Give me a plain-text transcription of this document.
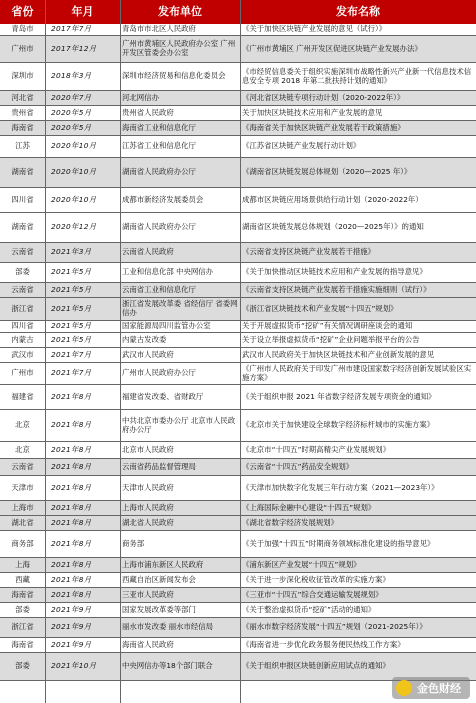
省份	年月	发布单位	发布名称
青岛市	2017年7月	青岛市市北区人民政府	《关于加快区块链产业发展的意见（试行）》
广州市	2017年12月	广州市黄埔区人民政府办公室 广州开发区管委会办公室	《广州市黄埔区 广州开发区促进区块链产业发展办法》
深圳市	2018年3月	深圳市经济贸易和信息化委员会	《市经贸信息委关于组织实施深圳市战略性新兴产业新一代信息技术信息安全专项 2018 年第二批扶持计划的通知》
河北省	2020年7月	河北网信办	《河北省区块链专项行动计划（2020-2022年）》
贵州省	2020年5月	贵州省人民政府	关于加快区块链技术应用和产业发展的意见
海南省	2020年5月	海南省工业和信息化厅	《海南省关于加快区块链产业发展若干政策措施》
江苏	2020年10月	江苏省工业和信息化厅	《江苏省区块链产业发展行动计划》
湖南省	2020年10月	湖南省人民政府办公厅	《湖南省区块链发展总体规划（2020—2025 年）》
四川省	2020年10月	成都市新经济发展委员会	成都市区块链应用场景供给行动计划（2020-2022年）
湖南省	2020年12月	湖南省人民政府办公厅	湖南省区块链发展总体规划（2020—2025年）》的通知
云南省	2021年3月	云南省人民政府	《云南省支持区块链产业发展若干措施》
部委	2021年5月	工业和信息化部 中央网信办	《关于加快推动区块链技术应用和产业发展的指导意见》
云南省	2021年5月	云南省工业和信息化厅	《云南省支持区块链产业发展若干措施实施细则（试行）》
浙江省	2021年5月	浙江省发展改革委 省经信厅 省委网信办	《浙江省区块链技术和产业发展“十四五”规划》
四川省	2021年5月	国家能源局四川监管办公室	关于开展虚拟货币“挖矿”有关情况调研座谈会的通知
内蒙古	2021年5月	内蒙古发改委	关于设立举报虚拟货币“挖矿”企业问题举报平台的公告
武汉市	2021年7月	武汉市人民政府	武汉市人民政府关于加快区块链技术和产业创新发展的意见
广州市	2021年7月	广州市人民政府办公厅	《广州市人民政府关于印发广州市建设国家数字经济创新发展试验区实施方案》
福建省	2021年8月	福建省发改委、省财政厅	《关于组织申报 2021 年省数字经济发展专项资金的通知》
北京	2021年8月	中共北京市委办公厅 北京市人民政府办公厅	《北京市关于加快建设全球数字经济标杆城市的实施方案》
北京	2021年8月	北京市人民政府	《北京市“十四五”时期高精尖产业发展规划》
云南省	2021年8月	云南省药品监督管理局	《云南省“十四五”药品安全规划》
天津市	2021年8月	天津市人民政府	《天津市加快数字化发展三年行动方案（2021—2023年）》
上海市	2021年8月	上海市人民政府	《上海国际金融中心建设“十四五”规划》
湖北省	2021年8月	湖北省人民政府	《湖北省数字经济发展规划》
商务部	2021年8月	商务部	《关于加强“十四五”时期商务领域标准化建设的指导意见》
上海	2021年8月	上海市浦东新区人民政府	《浦东新区产业发展“十四五”规划》
西藏	2021年8月	西藏自治区新闻发布会	《关于进一步深化税收征管改革的实施方案》
海南省	2021年8月	三亚市人民政府	《三亚市“十四五”综合交通运输发展规划》
部委	2021年9月	国家发展改革委等部门	《关于整治虚拟货币“挖矿”活动的通知》
浙江省	2021年9月	丽水市发改委 丽水市经信局	《丽水市数字经济发展“十四五”规划（2021-2025年）》
海南省	2021年9月	海南省人民政府	《海南省进一步优化政务服务便民热线工作方案》
部委	2021年10月	中央网信办等18个部门联合	《关于组织申报区块链创新应用试点的通知》
金色财经
